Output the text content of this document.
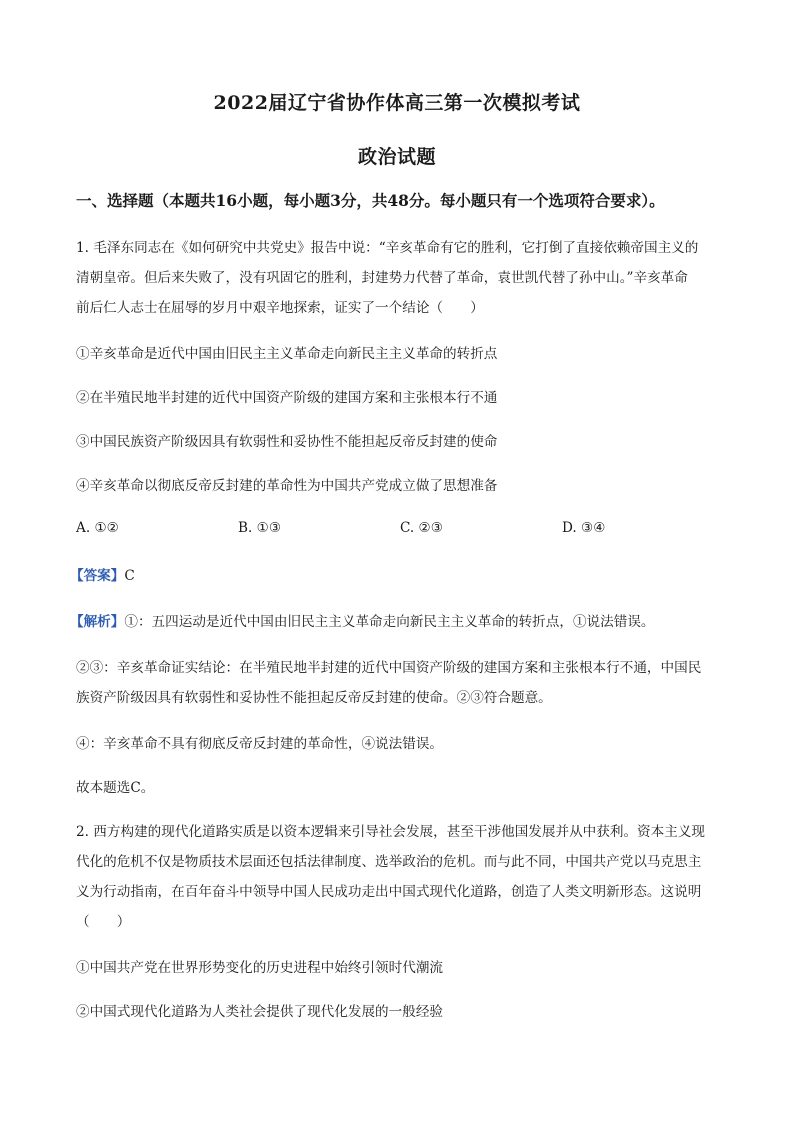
2022届辽宁省协作体高三第一次模拟考试
政治试题
一、选择题（本题共16小题，每小题3分，共48分。每小题只有一个选项符合要求）。
1. 毛泽东同志在《如何研究中共党史》报告中说：“辛亥革命有它的胜利，它打倒了直接依赖帝国主义的
清朝皇帝。但后来失败了，没有巩固它的胜利，封建势力代替了革命，袁世凯代替了孙中山。”辛亥革命
前后仁人志士在屈辱的岁月中艰辛地探索，证实了一个结论（　　）
①辛亥革命是近代中国由旧民主主义革命走向新民主主义革命的转折点
②在半殖民地半封建的近代中国资产阶级的建国方案和主张根本行不通
③中国民族资产阶级因具有软弱性和妥协性不能担起反帝反封建的使命
④辛亥革命以彻底反帝反封建的革命性为中国共产党成立做了思想准备
A. ①②	B. ①③	C. ②③	D. ③④
【答案】C
【解析】①：五四运动是近代中国由旧民主主义革命走向新民主主义革命的转折点，①说法错误。
②③：辛亥革命证实结论：在半殖民地半封建的近代中国资产阶级的建国方案和主张根本行不通，中国民
族资产阶级因具有软弱性和妥协性不能担起反帝反封建的使命。②③符合题意。
④：辛亥革命不具有彻底反帝反封建的革命性，④说法错误。
故本题选C。
2. 西方构建的现代化道路实质是以资本逻辑来引导社会发展，甚至干涉他国发展并从中获利。资本主义现
代化的危机不仅是物质技术层面还包括法律制度、选举政治的危机。而与此不同，中国共产党以马克思主
义为行动指南，在百年奋斗中领导中国人民成功走出中国式现代化道路，创造了人类文明新形态。这说明
（　　）
①中国共产党在世界形势变化的历史进程中始终引领时代潮流
②中国式现代化道路为人类社会提供了现代化发展的一般经验
